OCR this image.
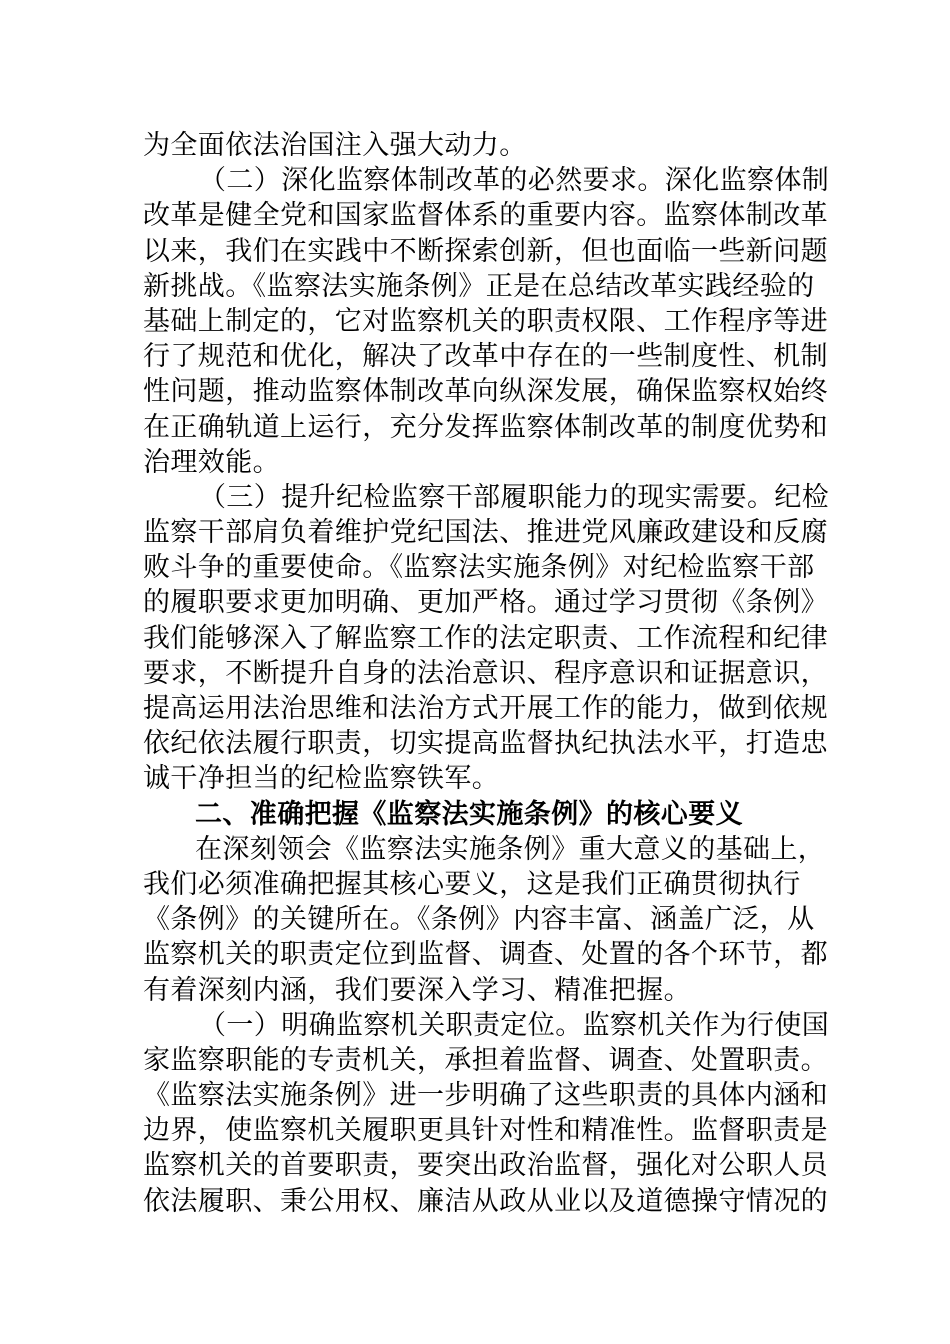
为全面依法治国注入强大动力。
（二）深化监察体制改革的必然要求。深化监察体制
改革是健全党和国家监督体系的重要内容。监察体制改革
以来，我们在实践中不断探索创新，但也面临一些新问题
新挑战。《监察法实施条例》正是在总结改革实践经验的
基础上制定的，它对监察机关的职责权限、工作程序等进
行了规范和优化，解决了改革中存在的一些制度性、机制
性问题，推动监察体制改革向纵深发展，确保监察权始终
在正确轨道上运行，充分发挥监察体制改革的制度优势和
治理效能。
（三）提升纪检监察干部履职能力的现实需要。纪检
监察干部肩负着维护党纪国法、推进党风廉政建设和反腐
败斗争的重要使命。《监察法实施条例》对纪检监察干部
的履职要求更加明确、更加严格。通过学习贯彻《条例》
我们能够深入了解监察工作的法定职责、工作流程和纪律
要求，不断提升自身的法治意识、程序意识和证据意识，
提高运用法治思维和法治方式开展工作的能力，做到依规
依纪依法履行职责，切实提高监督执纪执法水平，打造忠
诚干净担当的纪检监察铁军。
二、准确把握《监察法实施条例》的核心要义
在深刻领会《监察法实施条例》重大意义的基础上，
我们必须准确把握其核心要义，这是我们正确贯彻执行
《条例》的关键所在。《条例》内容丰富、涵盖广泛，从
监察机关的职责定位到监督、调查、处置的各个环节，都
有着深刻内涵，我们要深入学习、精准把握。
（一）明确监察机关职责定位。监察机关作为行使国
家监察职能的专责机关，承担着监督、调查、处置职责。
《监察法实施条例》进一步明确了这些职责的具体内涵和
边界，使监察机关履职更具针对性和精准性。监督职责是
监察机关的首要职责，要突出政治监督，强化对公职人员
依法履职、秉公用权、廉洁从政从业以及道德操守情况的
